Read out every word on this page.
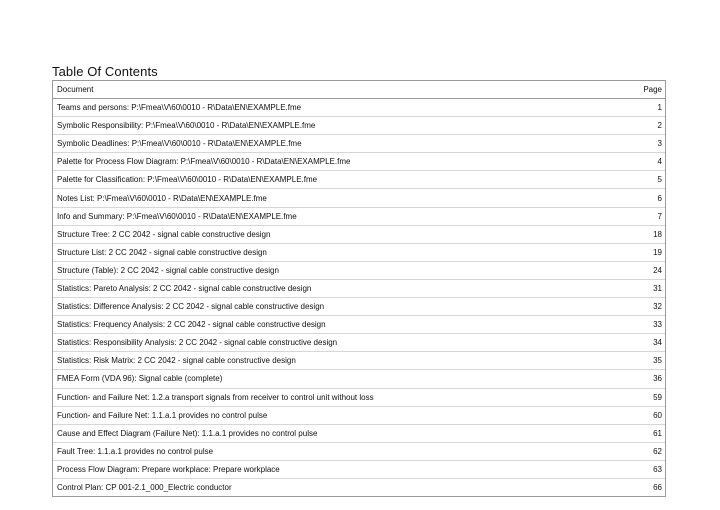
Table Of Contents
Document	Page
Teams and persons: P:\Fmea\V\60\0010 - R\Data\EN\EXAMPLE.fme	1
Symbolic Responsibility: P:\Fmea\V\60\0010 - R\Data\EN\EXAMPLE.fme	2
Symbolic Deadlines: P:\Fmea\V\60\0010 - R\Data\EN\EXAMPLE.fme	3
Palette for Process Flow Diagram: P:\Fmea\V\60\0010 - R\Data\EN\EXAMPLE.fme	4
Palette for Classification: P:\Fmea\V\60\0010 - R\Data\EN\EXAMPLE.fme	5
Notes List: P:\Fmea\V\60\0010 - R\Data\EN\EXAMPLE.fme	6
Info and Summary: P:\Fmea\V\60\0010 - R\Data\EN\EXAMPLE.fme	7
Structure Tree: 2 CC 2042 - signal cable constructive design	18
Structure List: 2 CC 2042 - signal cable constructive design	19
Structure (Table): 2 CC 2042 - signal cable constructive design	24
Statistics: Pareto Analysis: 2 CC 2042 - signal cable constructive design	31
Statistics: Difference Analysis: 2 CC 2042 - signal cable constructive design	32
Statistics: Frequency Analysis: 2 CC 2042 - signal cable constructive design	33
Statistics: Responsibility Analysis: 2 CC 2042 - signal cable constructive design	34
Statistics: Risk Matrix: 2 CC 2042 - signal cable constructive design	35
FMEA Form (VDA 96): Signal cable (complete)	36
Function- and Failure Net: 1.2.a transport signals from receiver to control unit without loss	59
Function- and Failure Net: 1.1.a.1 provides no control pulse	60
Cause and Effect Diagram (Failure Net): 1.1.a.1 provides no control pulse	61
Fault Tree: 1.1.a.1 provides no control pulse	62
Process Flow Diagram: Prepare workplace: Prepare workplace	63
Control Plan: CP 001-2.1_000_Electric conductor	66
